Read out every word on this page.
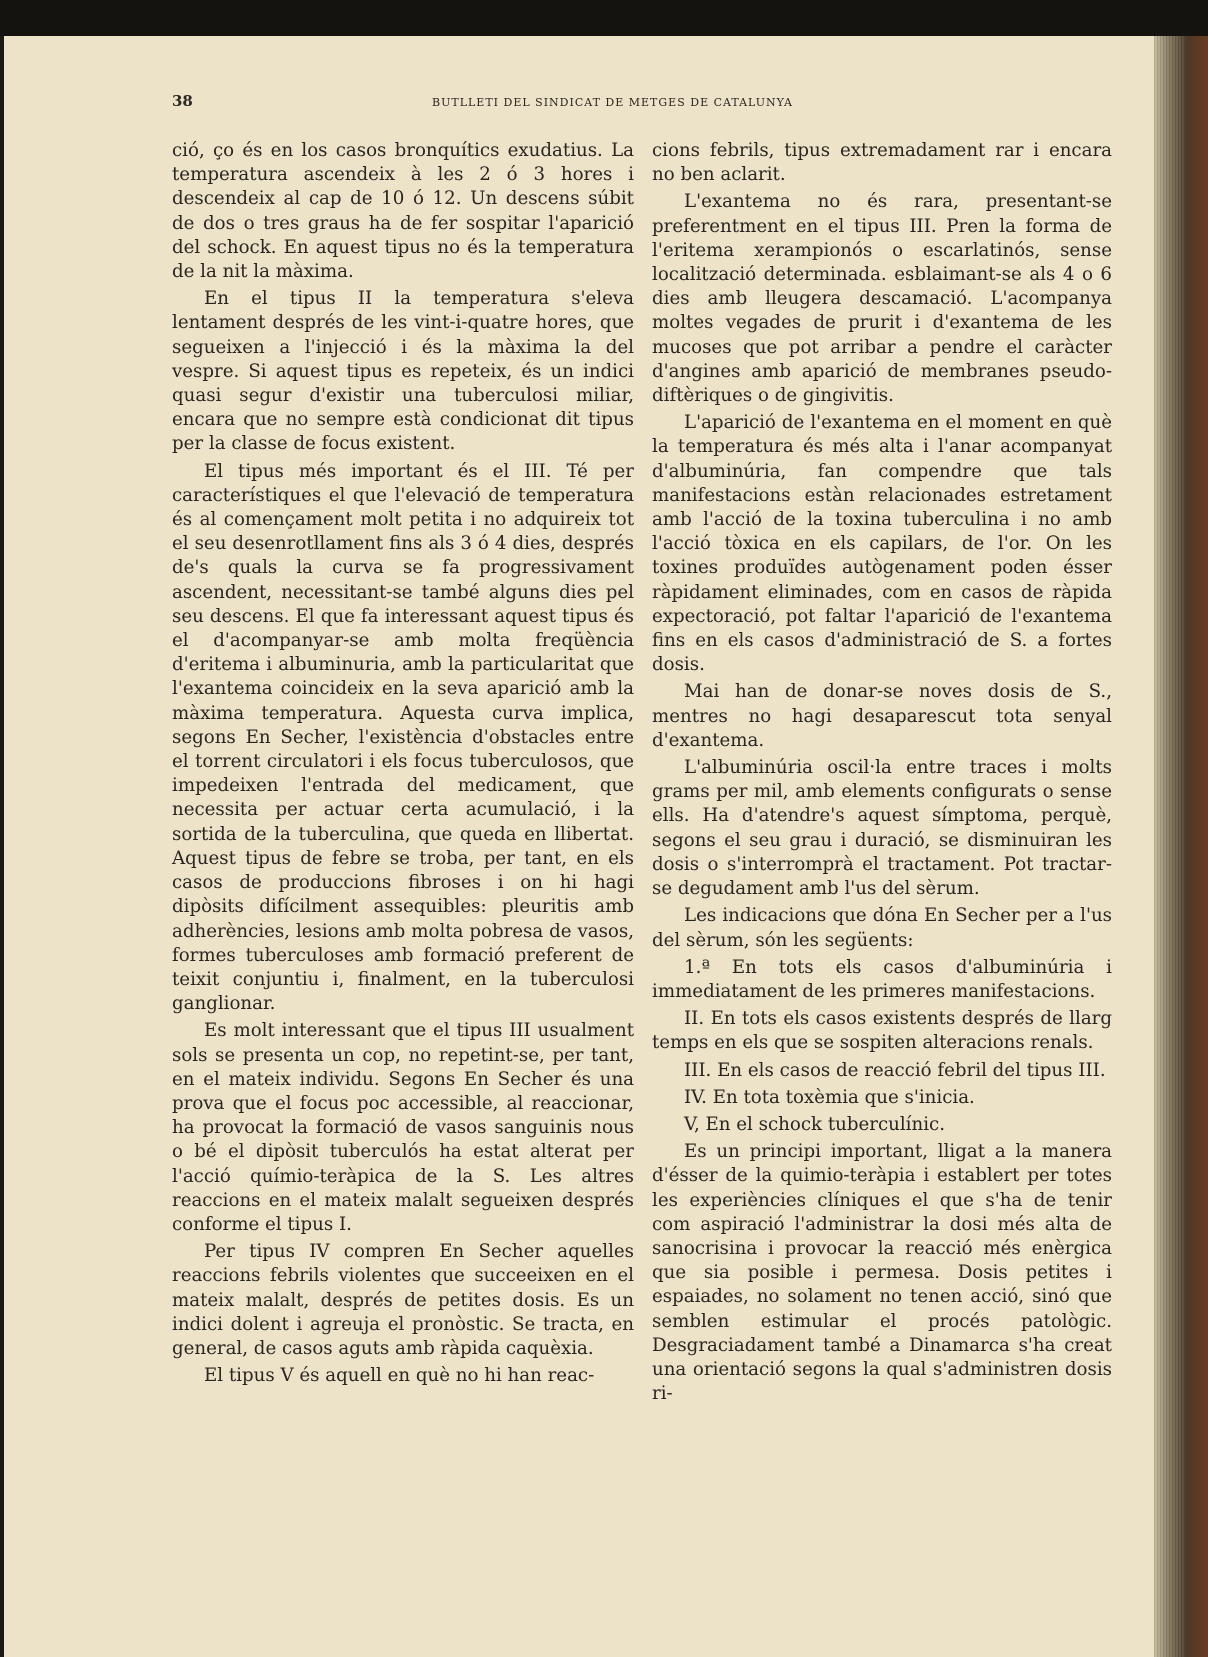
38	BUTLLETI DEL SINDICAT DE METGES DE CATALUNYA

ció, ço és en los casos bronquítics exudatius. La temperatura ascendeix à les 2 ó 3 hores i descendeix al cap de 10 ó 12. Un descens súbit de dos o tres graus ha de fer sospitar l'aparició del schock. En aquest tipus no és la temperatura de la nit la màxima.

En el tipus II la temperatura s'eleva lentament després de les vint-i-quatre hores, que segueixen a l'injecció i és la màxima la del vespre. Si aquest tipus es repeteix, és un indici quasi segur d'existir una tuberculosi miliar, encara que no sempre està condicionat dit tipus per la classe de focus existent.

El tipus més important és el III. Té per característiques el que l'elevació de temperatura és al començament molt petita i no adquireix tot el seu desenrotllament fins als 3 ó 4 dies, després de's quals la curva se fa progressivament ascendent, necessitant-se també alguns dies pel seu descens. El que fa interessant aquest tipus és el d'acompanyar-se amb molta freqüència d'eritema i albuminuria, amb la particularitat que l'exantema coincideix en la seva aparició amb la màxima temperatura. Aquesta curva implica, segons En Secher, l'existència d'obstacles entre el torrent circulatori i els focus tuberculosos, que impedeixen l'entrada del medicament, que necessita per actuar certa acumulació, i la sortida de la tuberculina, que queda en llibertat. Aquest tipus de febre se troba, per tant, en els casos de produccions fibroses i on hi hagi dipòsits difícilment assequibles: pleuritis amb adherències, lesions amb molta pobresa de vasos, formes tuberculoses amb formació preferent de teixit conjuntiu i, finalment, en la tuberculosi ganglionar.

Es molt interessant que el tipus III usualment sols se presenta un cop, no repetint-se, per tant, en el mateix individu. Segons En Secher és una prova que el focus poc accessible, al reaccionar, ha provocat la formació de vasos sanguinis nous o bé el dipòsit tuberculós ha estat alterat per l'acció químio-teràpica de la S. Les altres reaccions en el mateix malalt segueixen després conforme el tipus I.

Per tipus IV compren En Secher aquelles reaccions febrils violentes que succeeixen en el mateix malalt, després de petites dosis. Es un indici dolent i agreuja el pronòstic. Se tracta, en general, de casos aguts amb ràpida caquèxia.

El tipus V és aquell en què no hi han reac-

cions febrils, tipus extremadament rar i encara no ben aclarit.

L'exantema no és rara, presentant-se preferentment en el tipus III. Pren la forma de l'eritema xerampionós o escarlatinós, sense localització determinada. esblaimant-se als 4 o 6 dies amb lleugera descamació. L'acompanya moltes vegades de prurit i d'exantema de les mucoses que pot arribar a pendre el caràcter d'angines amb aparició de membranes pseudo-diftèriques o de gingivitis.

L'aparició de l'exantema en el moment en què la temperatura és més alta i l'anar acompanyat d'albuminúria, fan compendre que tals manifestacions estàn relacionades estretament amb l'acció de la toxina tuberculina i no amb l'acció tòxica en els capilars, de l'or. On les toxines produïdes autògenament poden ésser ràpidament eliminades, com en casos de ràpida expectoració, pot faltar l'aparició de l'exantema fins en els casos d'administració de S. a fortes dosis.

Mai han de donar-se noves dosis de S., mentres no hagi desaparescut tota senyal d'exantema.

L'albuminúria oscil·la entre traces i molts grams per mil, amb elements configurats o sense ells. Ha d'atendre's aquest símptoma, perquè, segons el seu grau i duració, se disminuiran les dosis o s'interromprà el tractament. Pot tractar-se degudament amb l'us del sèrum.

Les indicacions que dóna En Secher per a l'us del sèrum, són les següents:

1.ª En tots els casos d'albuminúria i immediatament de les primeres manifestacions.

II. En tots els casos existents després de llarg temps en els que se sospiten alteracions renals.

III. En els casos de reacció febril del tipus III.

IV. En tota toxèmia que s'inicia.

V, En el schock tuberculínic.

Es un principi important, lligat a la manera d'ésser de la quimio-teràpia i establert per totes les experiències clíniques el que s'ha de tenir com aspiració l'administrar la dosi més alta de sanocrisina i provocar la reacció més enèrgica que sia posible i permesa. Dosis petites i espaiades, no solament no tenen acció, sinó que semblen estimular el procés patològic. Desgraciadament també a Dinamarca s'ha creat una orientació segons la qual s'administren dosis ri-
